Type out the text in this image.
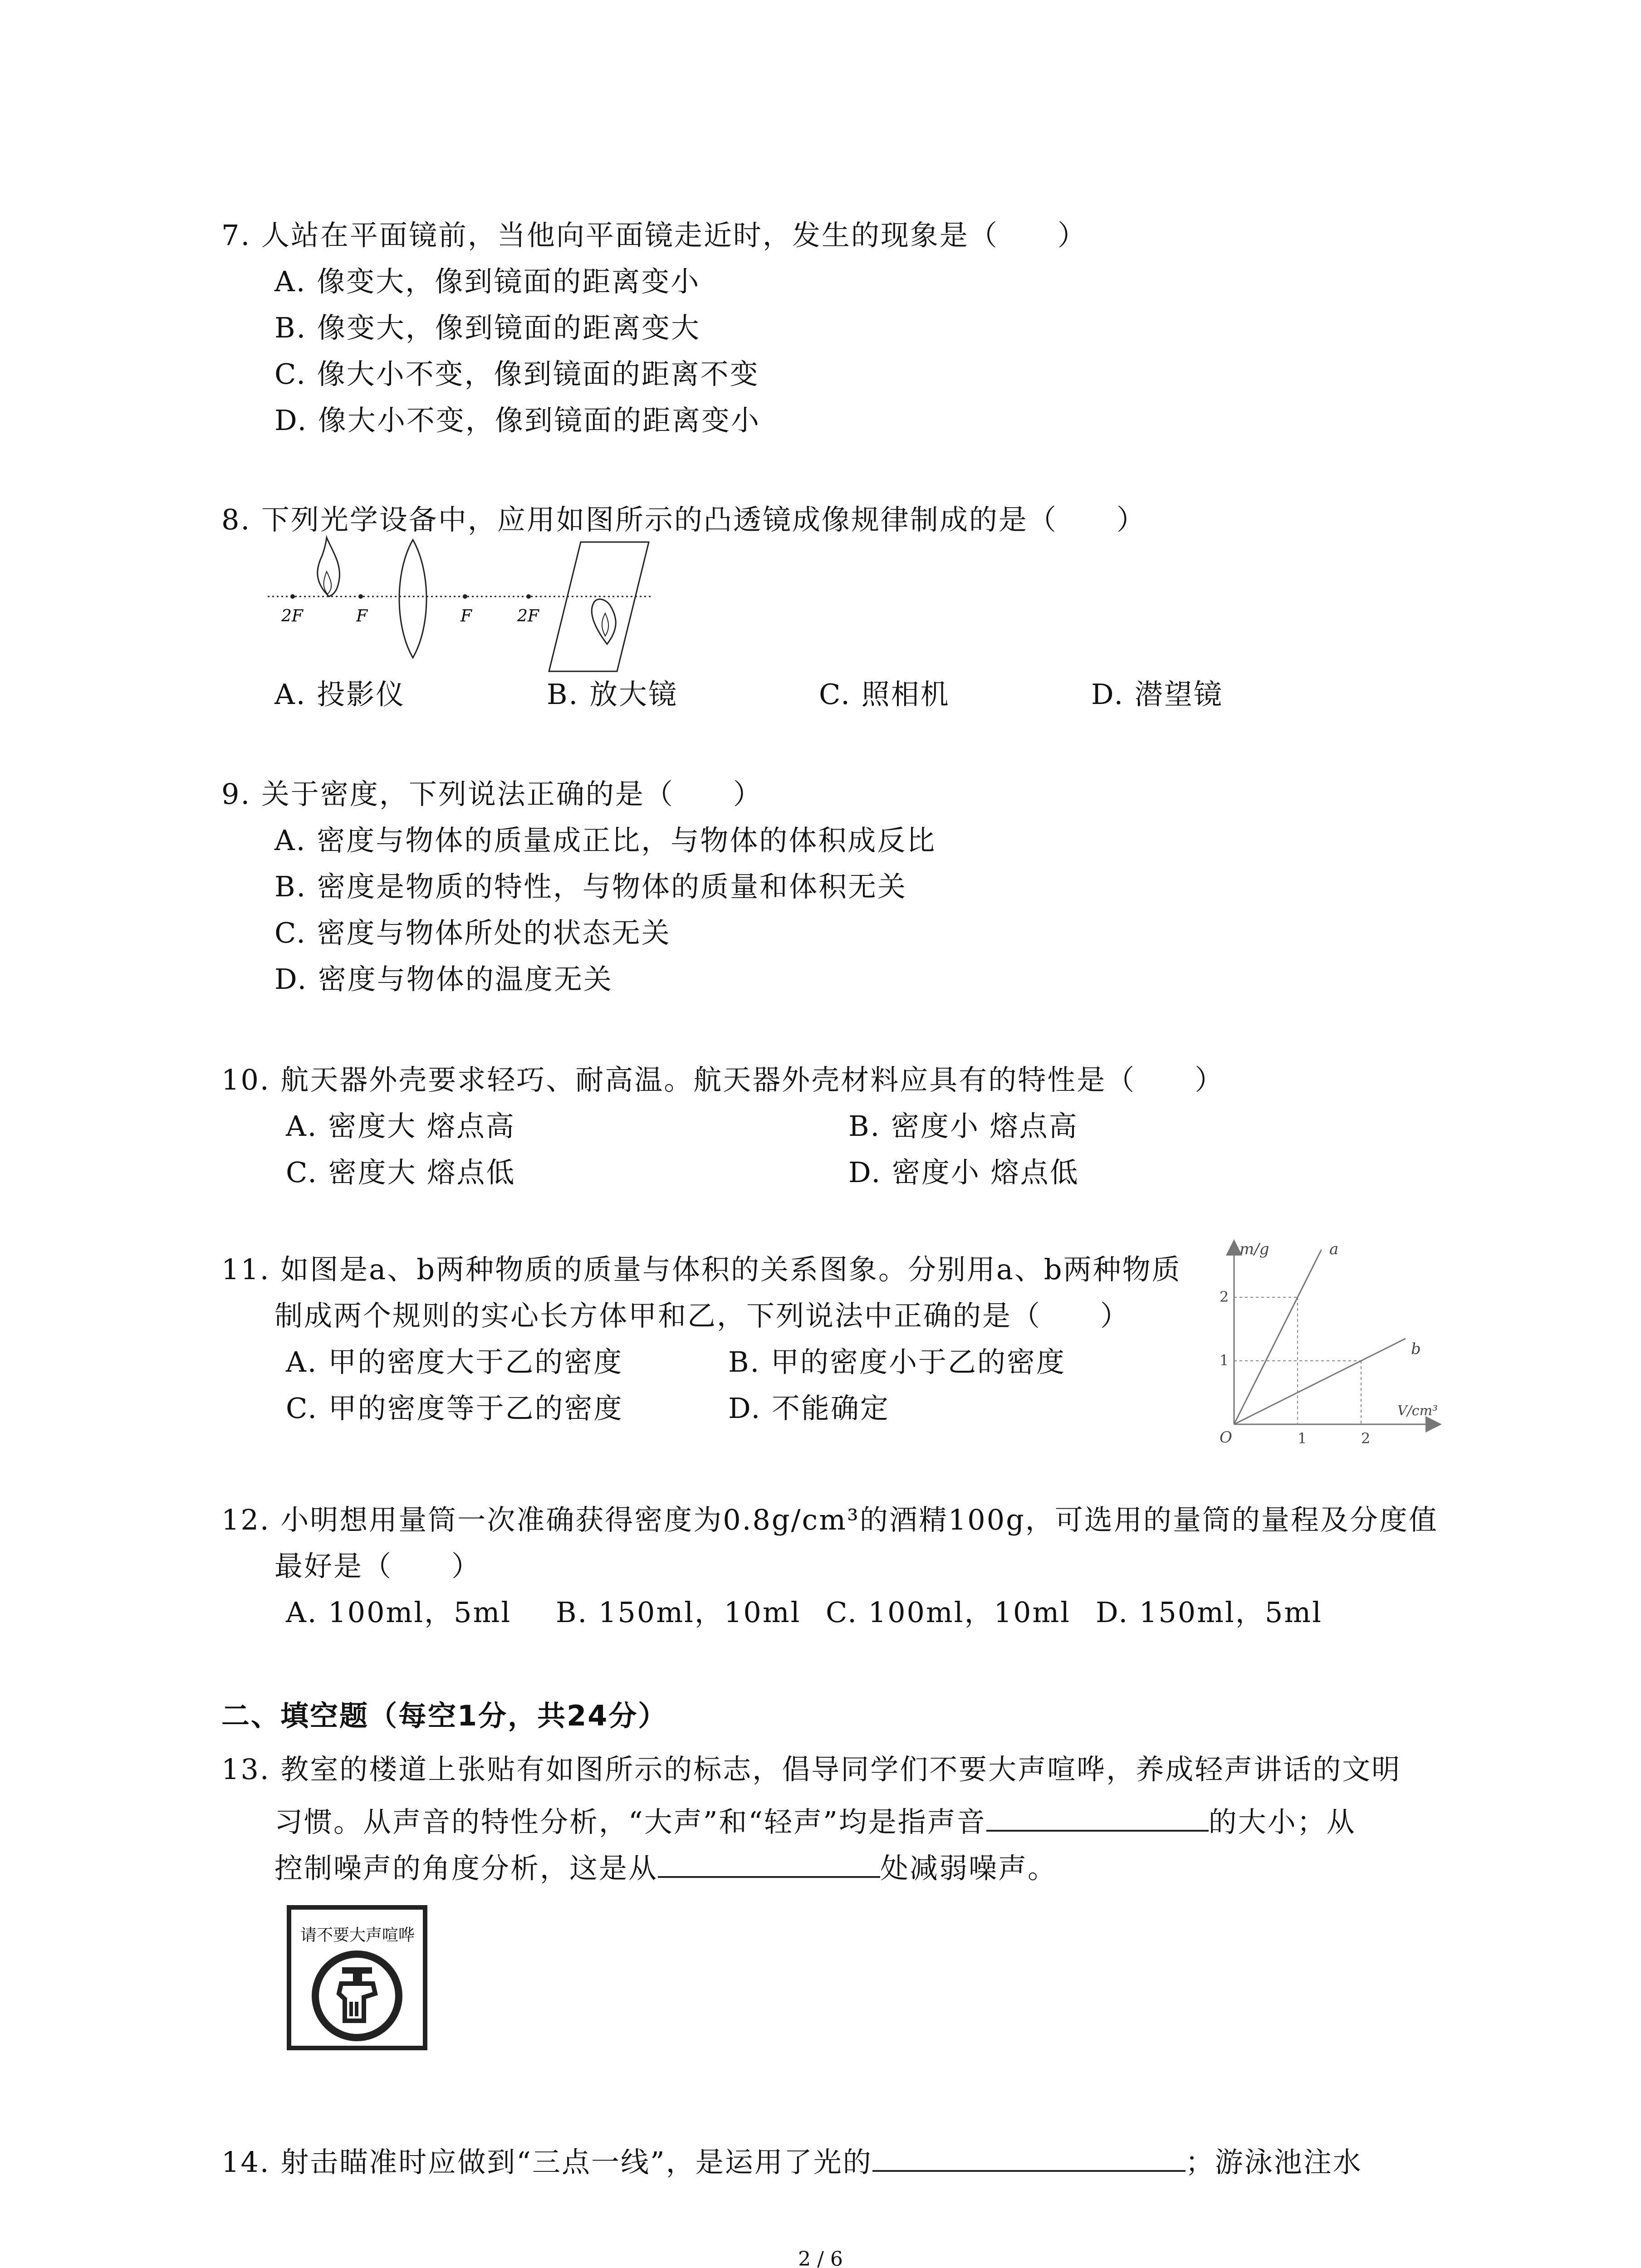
7. 人站在平面镜前，当他向平面镜走近时，发生的现象是（　　）
A. 像变大，像到镜面的距离变小
B. 像变大，像到镜面的距离变大
C. 像大小不变，像到镜面的距离不变
D. 像大小不变，像到镜面的距离变小
8. 下列光学设备中，应用如图所示的凸透镜成像规律制成的是（　　）
2F	F	F	2F
A. 投影仪	B. 放大镜	C. 照相机	D. 潜望镜
9. 关于密度，下列说法正确的是（　　）
A. 密度与物体的质量成正比，与物体的体积成反比
B. 密度是物质的特性，与物体的质量和体积无关
C. 密度与物体所处的状态无关
D. 密度与物体的温度无关
10. 航天器外壳要求轻巧、耐高温。航天器外壳材料应具有的特性是（　　）
A. 密度大 熔点高	B. 密度小 熔点高
C. 密度大 熔点低	D. 密度小 熔点低
11. 如图是a、b两种物质的质量与体积的关系图象。分别用a、b两种物质
制成两个规则的实心长方体甲和乙，下列说法中正确的是（　　）
A. 甲的密度大于乙的密度	B. 甲的密度小于乙的密度
C. 甲的密度等于乙的密度	D. 不能确定
m/g
V/cm³
O	1	2
1
2
a
b
12. 小明想用量筒一次准确获得密度为0.8g/cm³的酒精100g，可选用的量筒的量程及分度值
最好是（　　）
A. 100ml，5ml B. 150ml，10ml C. 100ml，10ml D. 150ml，5ml
二、填空题（每空1分，共24分）
13. 教室的楼道上张贴有如图所示的标志，倡导同学们不要大声喧哗，养成轻声讲话的文明
习惯。从声音的特性分析，“大声”和“轻声”均是指声音	的大小；从
控制噪声的角度分析，这是从	处减弱噪声。
请不要大声喧哗
14. 射击瞄准时应做到“三点一线”，是运用了光的	；游泳池注水
2 / 6
